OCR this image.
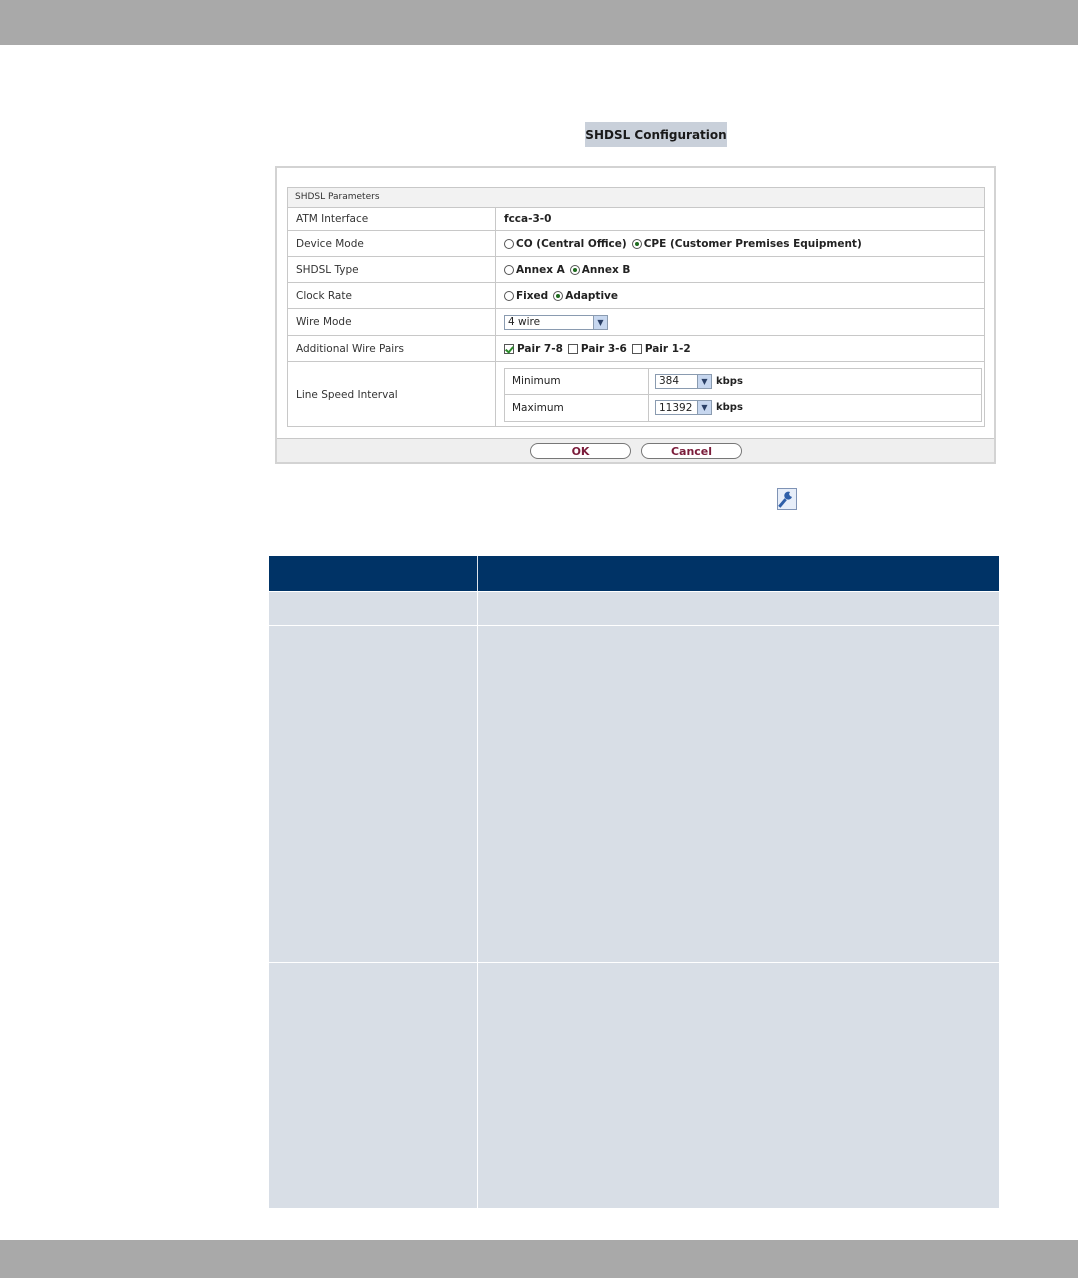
SHDSL Configuration
SHDSL Parameters
ATM Interface	fcca-3-0
Device Mode	CO (Central Office) CPE (Customer Premises Equipment)
SHDSL Type	Annex A Annex B
Clock Rate	Fixed Adaptive
Wire Mode	4 wire	▼
Additional Wire Pairs	Pair 7-8 Pair 3-6 Pair 1-2
Line Speed Interval
Minimum	384	▼ kbps
Maximum	11392	▼ kbps
OK	Cancel
